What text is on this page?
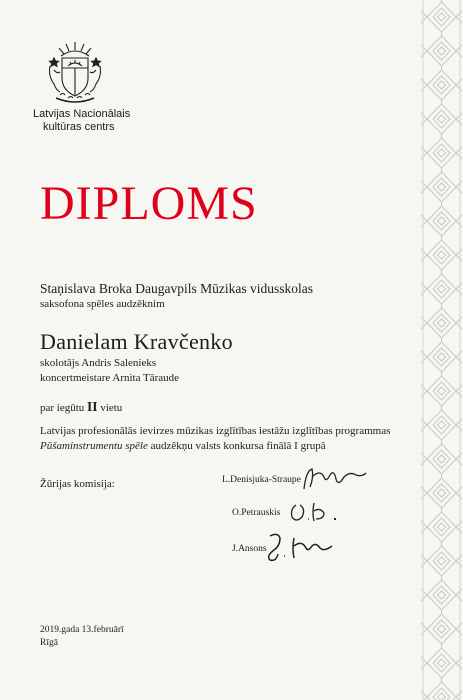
Latvijas Nacionālais
kultūras centrs
DIPLOMS
Staņislava Broka Daugavpils Mūzikas vidusskolas
saksofona spēles audzēknim
Danielam Kravčenko
skolotājs Andris Salenieks
koncertmeistare Arnita Tāraude
par iegūtu II vietu
Latvijas profesionālās ievirzes mūzikas izglītības iestāžu izglītības programmas
Pūšaminstrumentu spēle audzēkņu valsts konkursa finālā I grupā
Žūrijas komisija:	L.Denisjuka-Straupe
O.Petrauskis
J.Ansons
2019.gada 13.februārī
Rīgā
